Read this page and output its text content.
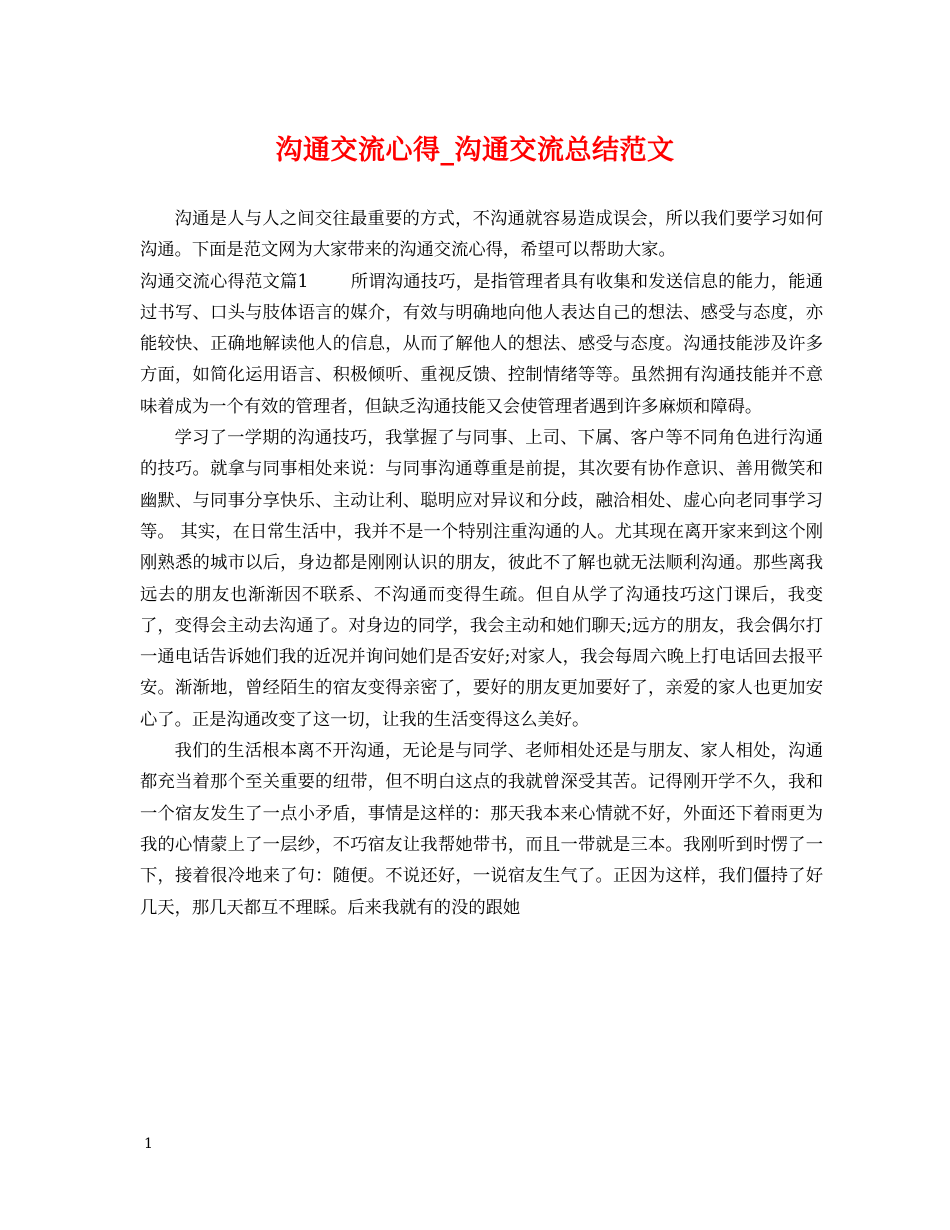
沟通交流心得_沟通交流总结范文

沟通是人与人之间交往最重要的方式，不沟通就容易造成误会，所以我们要学习如何沟通。下面是范文网为大家带来的沟通交流心得，希望可以帮助大家。

沟通交流心得范文篇1 所谓沟通技巧，是指管理者具有收集和发送信息的能力，能通过书写、口头与肢体语言的媒介，有效与明确地向他人表达自己的想法、感受与态度，亦能较快、正确地解读他人的信息，从而了解他人的想法、感受与态度。沟通技能涉及许多方面，如简化运用语言、积极倾听、重视反馈、控制情绪等等。虽然拥有沟通技能并不意味着成为一个有效的管理者，但缺乏沟通技能又会使管理者遇到许多麻烦和障碍。

学习了一学期的沟通技巧，我掌握了与同事、上司、下属、客户等不同角色进行沟通的技巧。就拿与同事相处来说：与同事沟通尊重是前提，其次要有协作意识、善用微笑和幽默、与同事分享快乐、主动让利、聪明应对异议和分歧，融洽相处、虚心向老同事学习等。 其实，在日常生活中，我并不是一个特别注重沟通的人。尤其现在离开家来到这个刚刚熟悉的城市以后，身边都是刚刚认识的朋友，彼此不了解也就无法顺利沟通。那些离我远去的朋友也渐渐因不联系、不沟通而变得生疏。但自从学了沟通技巧这门课后，我变了，变得会主动去沟通了。对身边的同学，我会主动和她们聊天;远方的朋友，我会偶尔打一通电话告诉她们我的近况并询问她们是否安好;对家人，我会每周六晚上打电话回去报平安。渐渐地，曾经陌生的宿友变得亲密了，要好的朋友更加要好了，亲爱的家人也更加安心了。正是沟通改变了这一切，让我的生活变得这么美好。

我们的生活根本离不开沟通，无论是与同学、老师相处还是与朋友、家人相处，沟通都充当着那个至关重要的纽带，但不明白这点的我就曾深受其苦。记得刚开学不久，我和一个宿友发生了一点小矛盾，事情是这样的：那天我本来心情就不好，外面还下着雨更为我的心情蒙上了一层纱，不巧宿友让我帮她带书，而且一带就是三本。我刚听到时愣了一下，接着很冷地来了句：随便。不说还好，一说宿友生气了。正因为这样，我们僵持了好几天，那几天都互不理睬。后来我就有的没的跟她

1
